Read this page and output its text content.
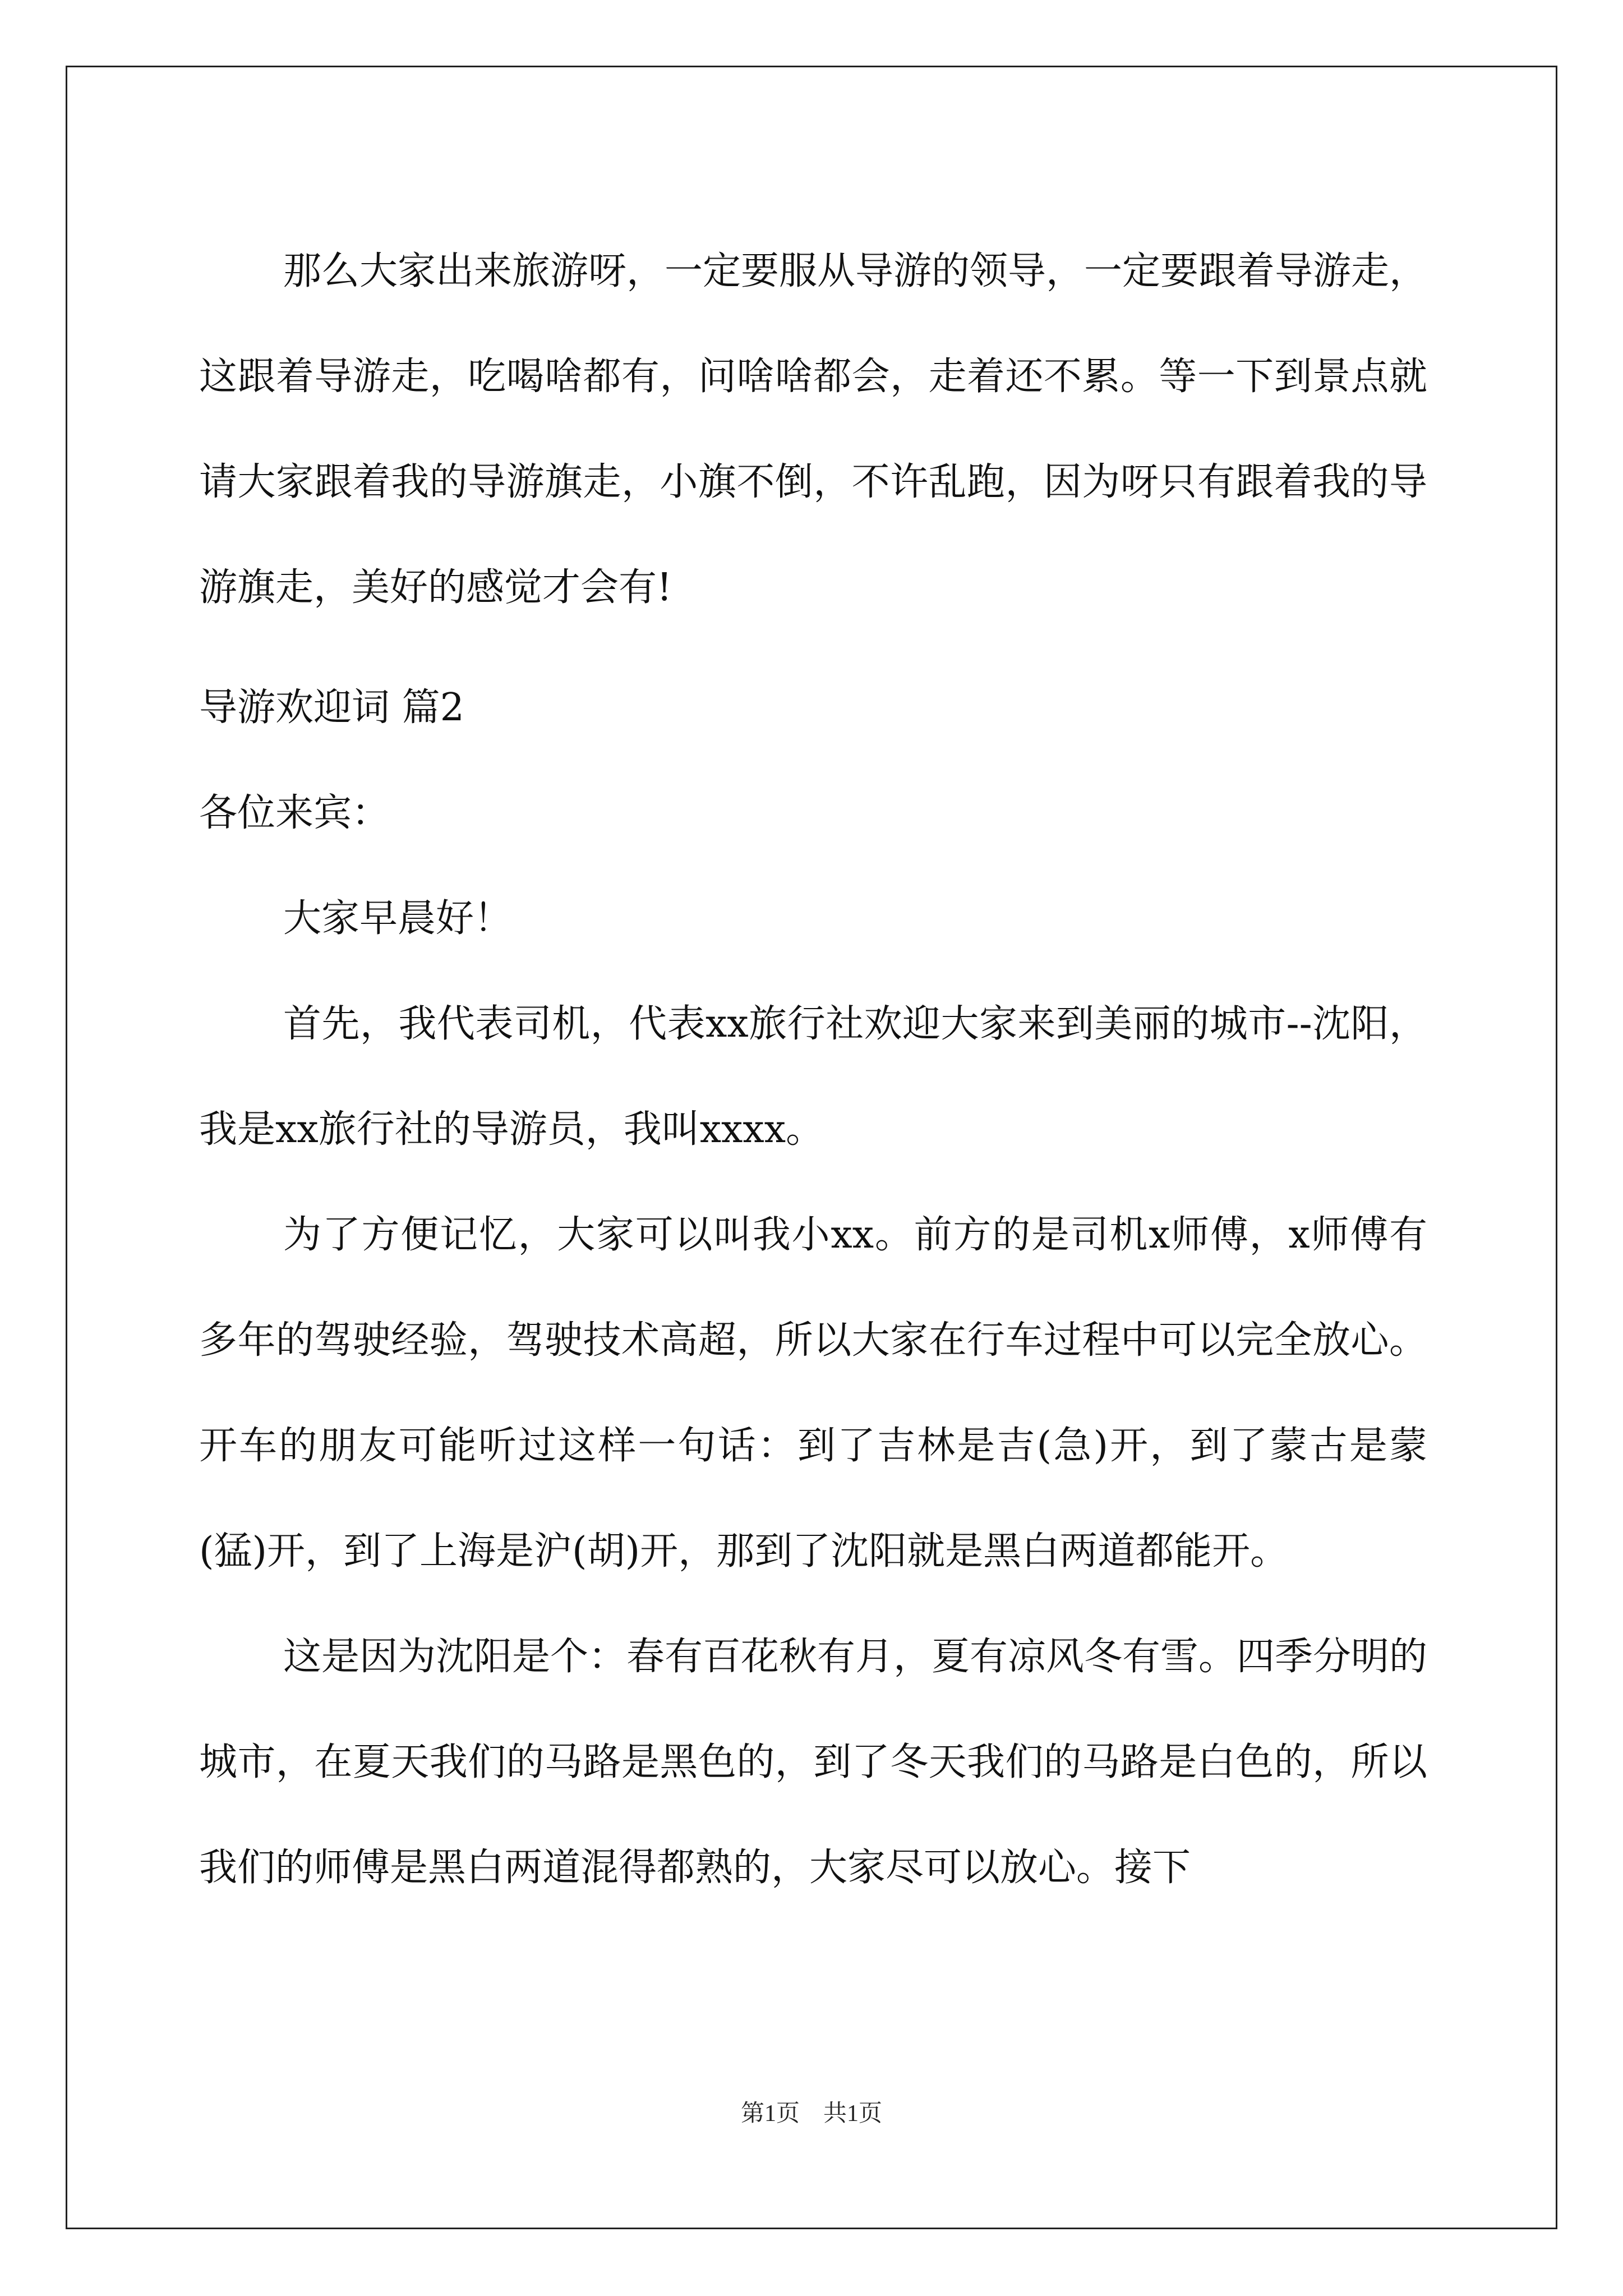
那么大家出来旅游呀，一定要服从导游的领导，一定要跟着导游走，这跟着导游走，吃喝啥都有，问啥啥都会，走着还不累。等一下到景点就请大家跟着我的导游旗走，小旗不倒，不许乱跑，因为呀只有跟着我的导游旗走，美好的感觉才会有!

导游欢迎词 篇2

各位来宾：

大家早晨好！

首先，我代表司机，代表xx旅行社欢迎大家来到美丽的城市--沈阳，我是xx旅行社的导游员，我叫xxxx。

为了方便记忆，大家可以叫我小xx。前方的是司机x师傅，x师傅有多年的驾驶经验，驾驶技术高超，所以大家在行车过程中可以完全放心。开车的朋友可能听过这样一句话：到了吉林是吉(急)开，到了蒙古是蒙(猛)开，到了上海是沪(胡)开，那到了沈阳就是黑白两道都能开。

这是因为沈阳是个：春有百花秋有月，夏有凉风冬有雪。四季分明的城市，在夏天我们的马路是黑色的，到了冬天我们的马路是白色的，所以我们的师傅是黑白两道混得都熟的，大家尽可以放心。接下

第1页　共1页
